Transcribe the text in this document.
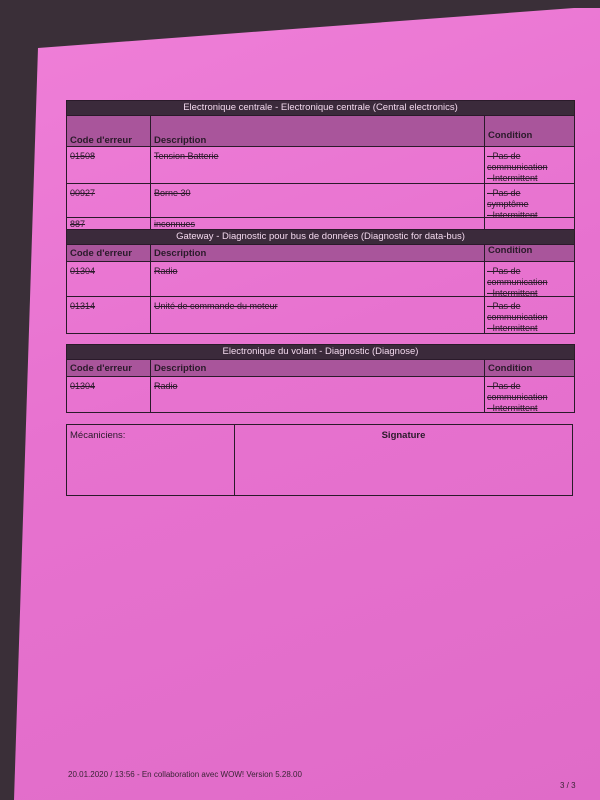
Electronique centrale - Electronique centrale (Central electronics)
Code d'erreur	Description	Condition
01508	Tension Batterie	- Pas de
communication
- Intermittent
00927	Borne 30	- Pas de
symptôme
- Intermittent
887	inconnues
Gateway - Diagnostic pour bus de données (Diagnostic for data-bus)
Code d'erreur	Description	Condition
01304	Radio	- Pas de
communication
- Intermittent
01314	Unité de commande du moteur	- Pas de
communication
- Intermittent
Electronique du volant - Diagnostic (Diagnose)
Code d'erreur	Description	Condition
01304	Radio	- Pas de
communication
- Intermittent
Mécaniciens:	Signature
20.01.2020 / 13:56 - En collaboration avec WOW! Version 5.28.00
3 / 3
